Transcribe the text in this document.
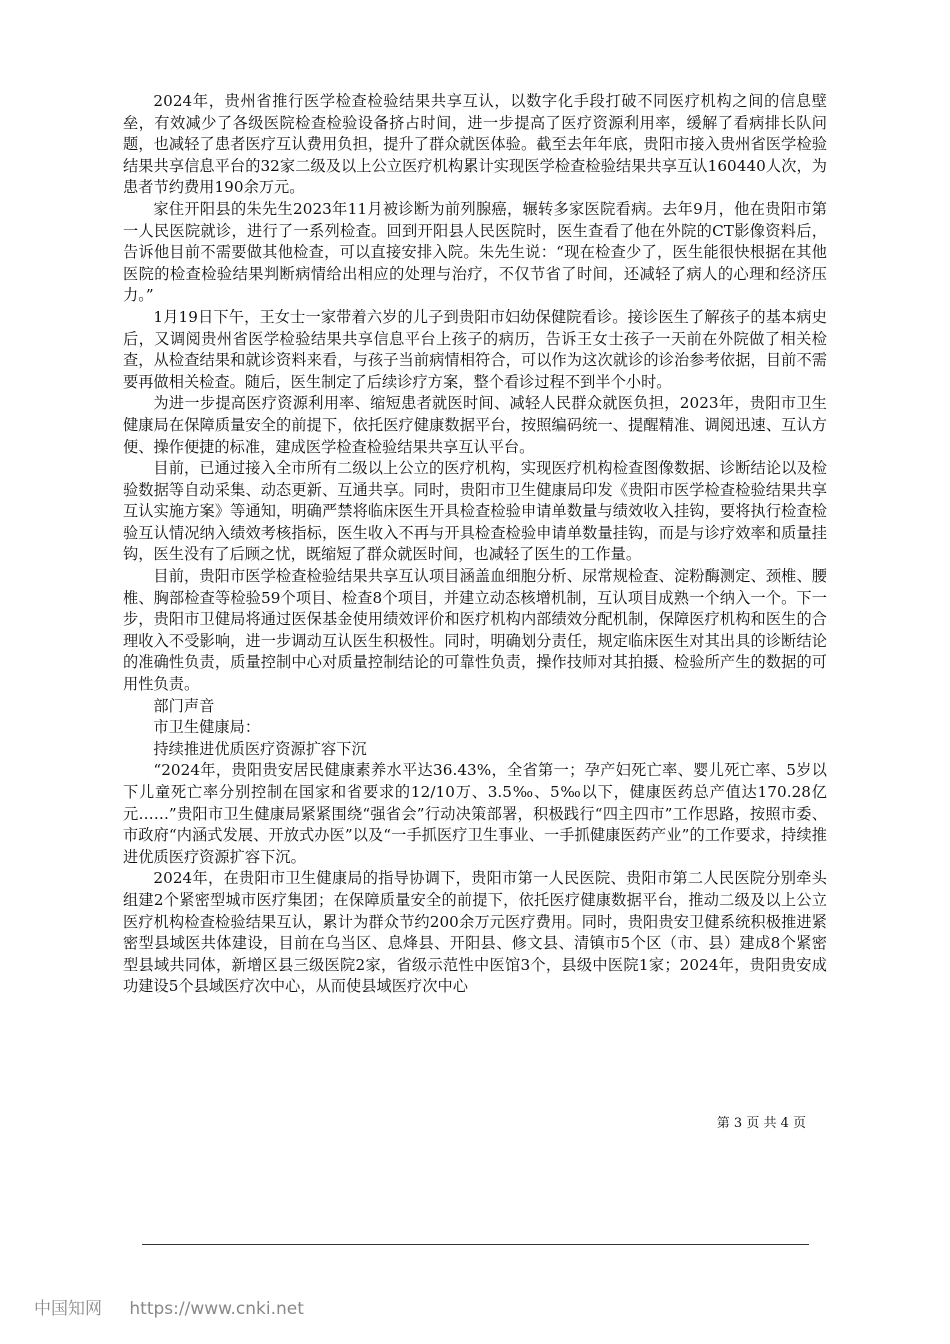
2024年，贵州省推行医学检查检验结果共享互认，以数字化手段打破不同医疗机构之间的信息壁垒，有效减少了各级医院检查检验设备挤占时间，进一步提高了医疗资源利用率，缓解了看病排长队问题，也减轻了患者医疗互认费用负担，提升了群众就医体验。截至去年年底，贵阳市接入贵州省医学检验结果共享信息平台的32家二级及以上公立医疗机构累计实现医学检查检验结果共享互认160440人次，为患者节约费用190余万元。

家住开阳县的朱先生2023年11月被诊断为前列腺癌，辗转多家医院看病。去年9月，他在贵阳市第一人民医院就诊，进行了一系列检查。回到开阳县人民医院时，医生查看了他在外院的CT影像资料后，告诉他目前不需要做其他检查，可以直接安排入院。朱先生说：“现在检查少了，医生能很快根据在其他医院的检查检验结果判断病情给出相应的处理与治疗，不仅节省了时间，还减轻了病人的心理和经济压力。”

1月19日下午，王女士一家带着六岁的儿子到贵阳市妇幼保健院看诊。接诊医生了解孩子的基本病史后，又调阅贵州省医学检验结果共享信息平台上孩子的病历，告诉王女士孩子一天前在外院做了相关检查，从检查结果和就诊资料来看，与孩子当前病情相符合，可以作为这次就诊的诊治参考依据，目前不需要再做相关检查。随后，医生制定了后续诊疗方案，整个看诊过程不到半个小时。

为进一步提高医疗资源利用率、缩短患者就医时间、减轻人民群众就医负担，2023年，贵阳市卫生健康局在保障质量安全的前提下，依托医疗健康数据平台，按照编码统一、提醒精准、调阅迅速、互认方便、操作便捷的标准，建成医学检查检验结果共享互认平台。

目前，已通过接入全市所有二级以上公立的医疗机构，实现医疗机构检查图像数据、诊断结论以及检验数据等自动采集、动态更新、互通共享。同时，贵阳市卫生健康局印发《贵阳市医学检查检验结果共享互认实施方案》等通知，明确严禁将临床医生开具检查检验申请单数量与绩效收入挂钩，要将执行检查检验互认情况纳入绩效考核指标，医生收入不再与开具检查检验申请单数量挂钩，而是与诊疗效率和质量挂钩，医生没有了后顾之忧，既缩短了群众就医时间，也减轻了医生的工作量。

目前，贵阳市医学检查检验结果共享互认项目涵盖血细胞分析、尿常规检查、淀粉酶测定、颈椎、腰椎、胸部检查等检验59个项目、检查8个项目，并建立动态核增机制，互认项目成熟一个纳入一个。下一步，贵阳市卫健局将通过医保基金使用绩效评价和医疗机构内部绩效分配机制，保障医疗机构和医生的合理收入不受影响，进一步调动互认医生积极性。同时，明确划分责任，规定临床医生对其出具的诊断结论的准确性负责，质量控制中心对质量控制结论的可靠性负责，操作技师对其拍摄、检验所产生的数据的可用性负责。

部门声音

市卫生健康局：

持续推进优质医疗资源扩容下沉

“2024年，贵阳贵安居民健康素养水平达36.43%，全省第一；孕产妇死亡率、婴儿死亡率、5岁以下儿童死亡率分别控制在国家和省要求的12/10万、3.5‰、5‰以下，健康医药总产值达170.28亿元……”贵阳市卫生健康局紧紧围绕“强省会”行动决策部署，积极践行“四主四市”工作思路，按照市委、市政府“内涵式发展、开放式办医”以及“一手抓医疗卫生事业、一手抓健康医药产业”的工作要求，持续推进优质医疗资源扩容下沉。

2024年，在贵阳市卫生健康局的指导协调下，贵阳市第一人民医院、贵阳市第二人民医院分别牵头组建2个紧密型城市医疗集团；在保障质量安全的前提下，依托医疗健康数据平台，推动二级及以上公立医疗机构检查检验结果互认，累计为群众节约200余万元医疗费用。同时，贵阳贵安卫健系统积极推进紧密型县域医共体建设，目前在乌当区、息烽县、开阳县、修文县、清镇市5个区（市、县）建成8个紧密型县域共同体，新增区县三级医院2家，省级示范性中医馆3个，县级中医院1家；2024年，贵阳贵安成功建设5个县域医疗次中心，从而使县域医疗次中心

第 3 页 共 4 页
中国知网 https://www.cnki.net
